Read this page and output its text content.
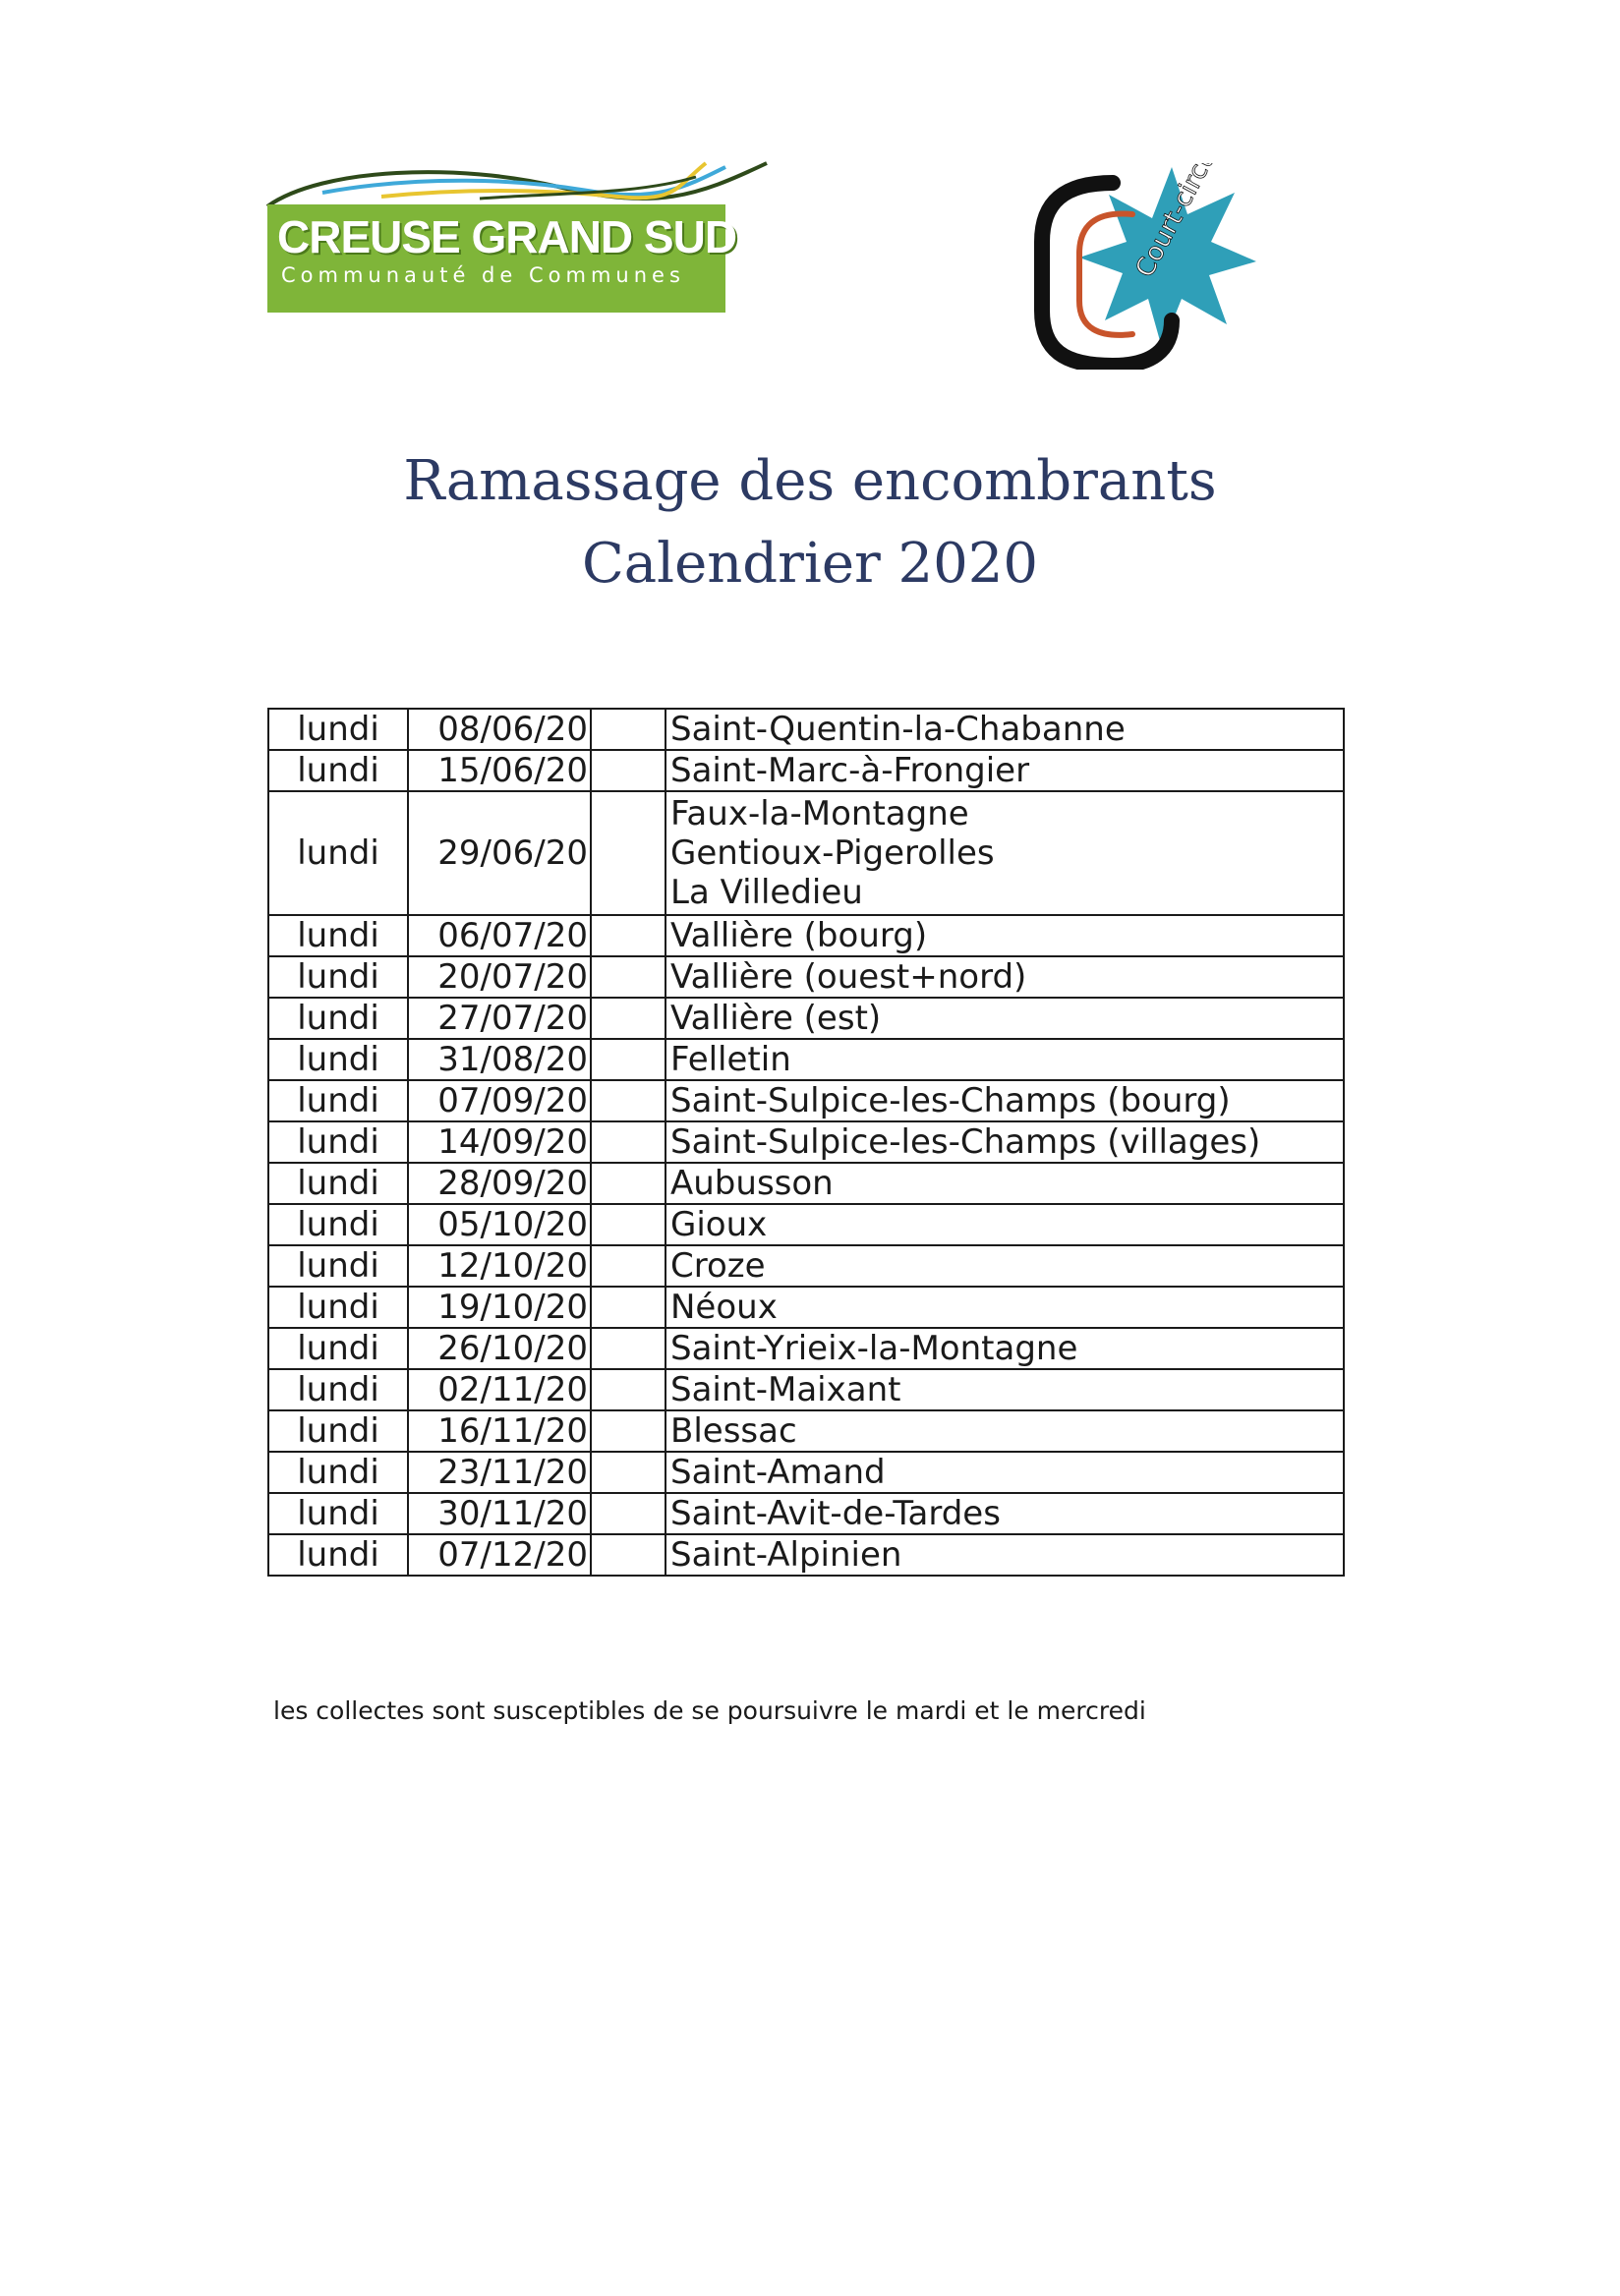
CREUSE GRAND SUD
Communauté de Communes	Court-circuit
Ramassage des encombrants
Calendrier 2020
lundi	08/06/20		Saint-Quentin-la-Chabanne

lundi	15/06/20		Saint-Marc-à-Frongier

lundi	29/06/20		Faux-la-Montagne
Gentioux-Pigerolles
La Villedieu

lundi	06/07/20		Vallière (bourg)

lundi	20/07/20		Vallière (ouest+nord)

lundi	27/07/20		Vallière (est)

lundi	31/08/20		Felletin

lundi	07/09/20		Saint-Sulpice-les-Champs (bourg)

lundi	14/09/20		Saint-Sulpice-les-Champs (villages)

lundi	28/09/20		Aubusson

lundi	05/10/20		Gioux

lundi	12/10/20		Croze

lundi	19/10/20		Néoux

lundi	26/10/20		Saint-Yrieix-la-Montagne

lundi	02/11/20		Saint-Maixant

lundi	16/11/20		Blessac

lundi	23/11/20		Saint-Amand

lundi	30/11/20		Saint-Avit-de-Tardes

lundi	07/12/20		Saint-Alpinien
les collectes sont susceptibles de se poursuivre le mardi et le mercredi
